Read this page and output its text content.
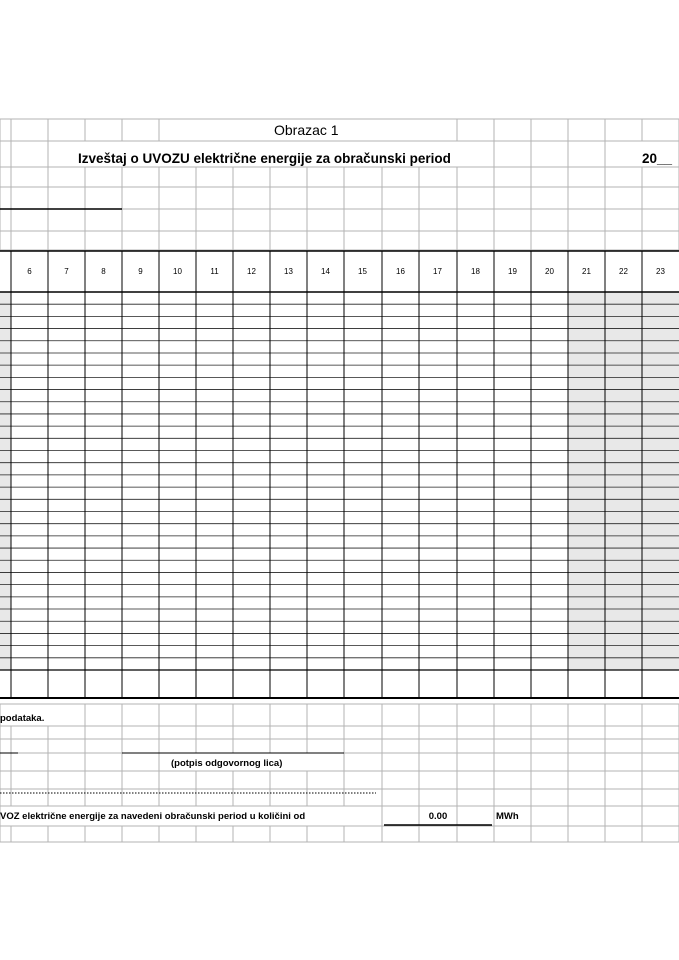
Obrazac 1
Izveštaj o UVOZU električne energije za obračunski period	20__
6	7	8	9	10	11	12	13	14	15	16	17	18	19	20	21	22	23
podataka.
(potpis odgovornog lica)
VOZ električne energije za navedeni obračunski period u količini od	0.00	MWh
